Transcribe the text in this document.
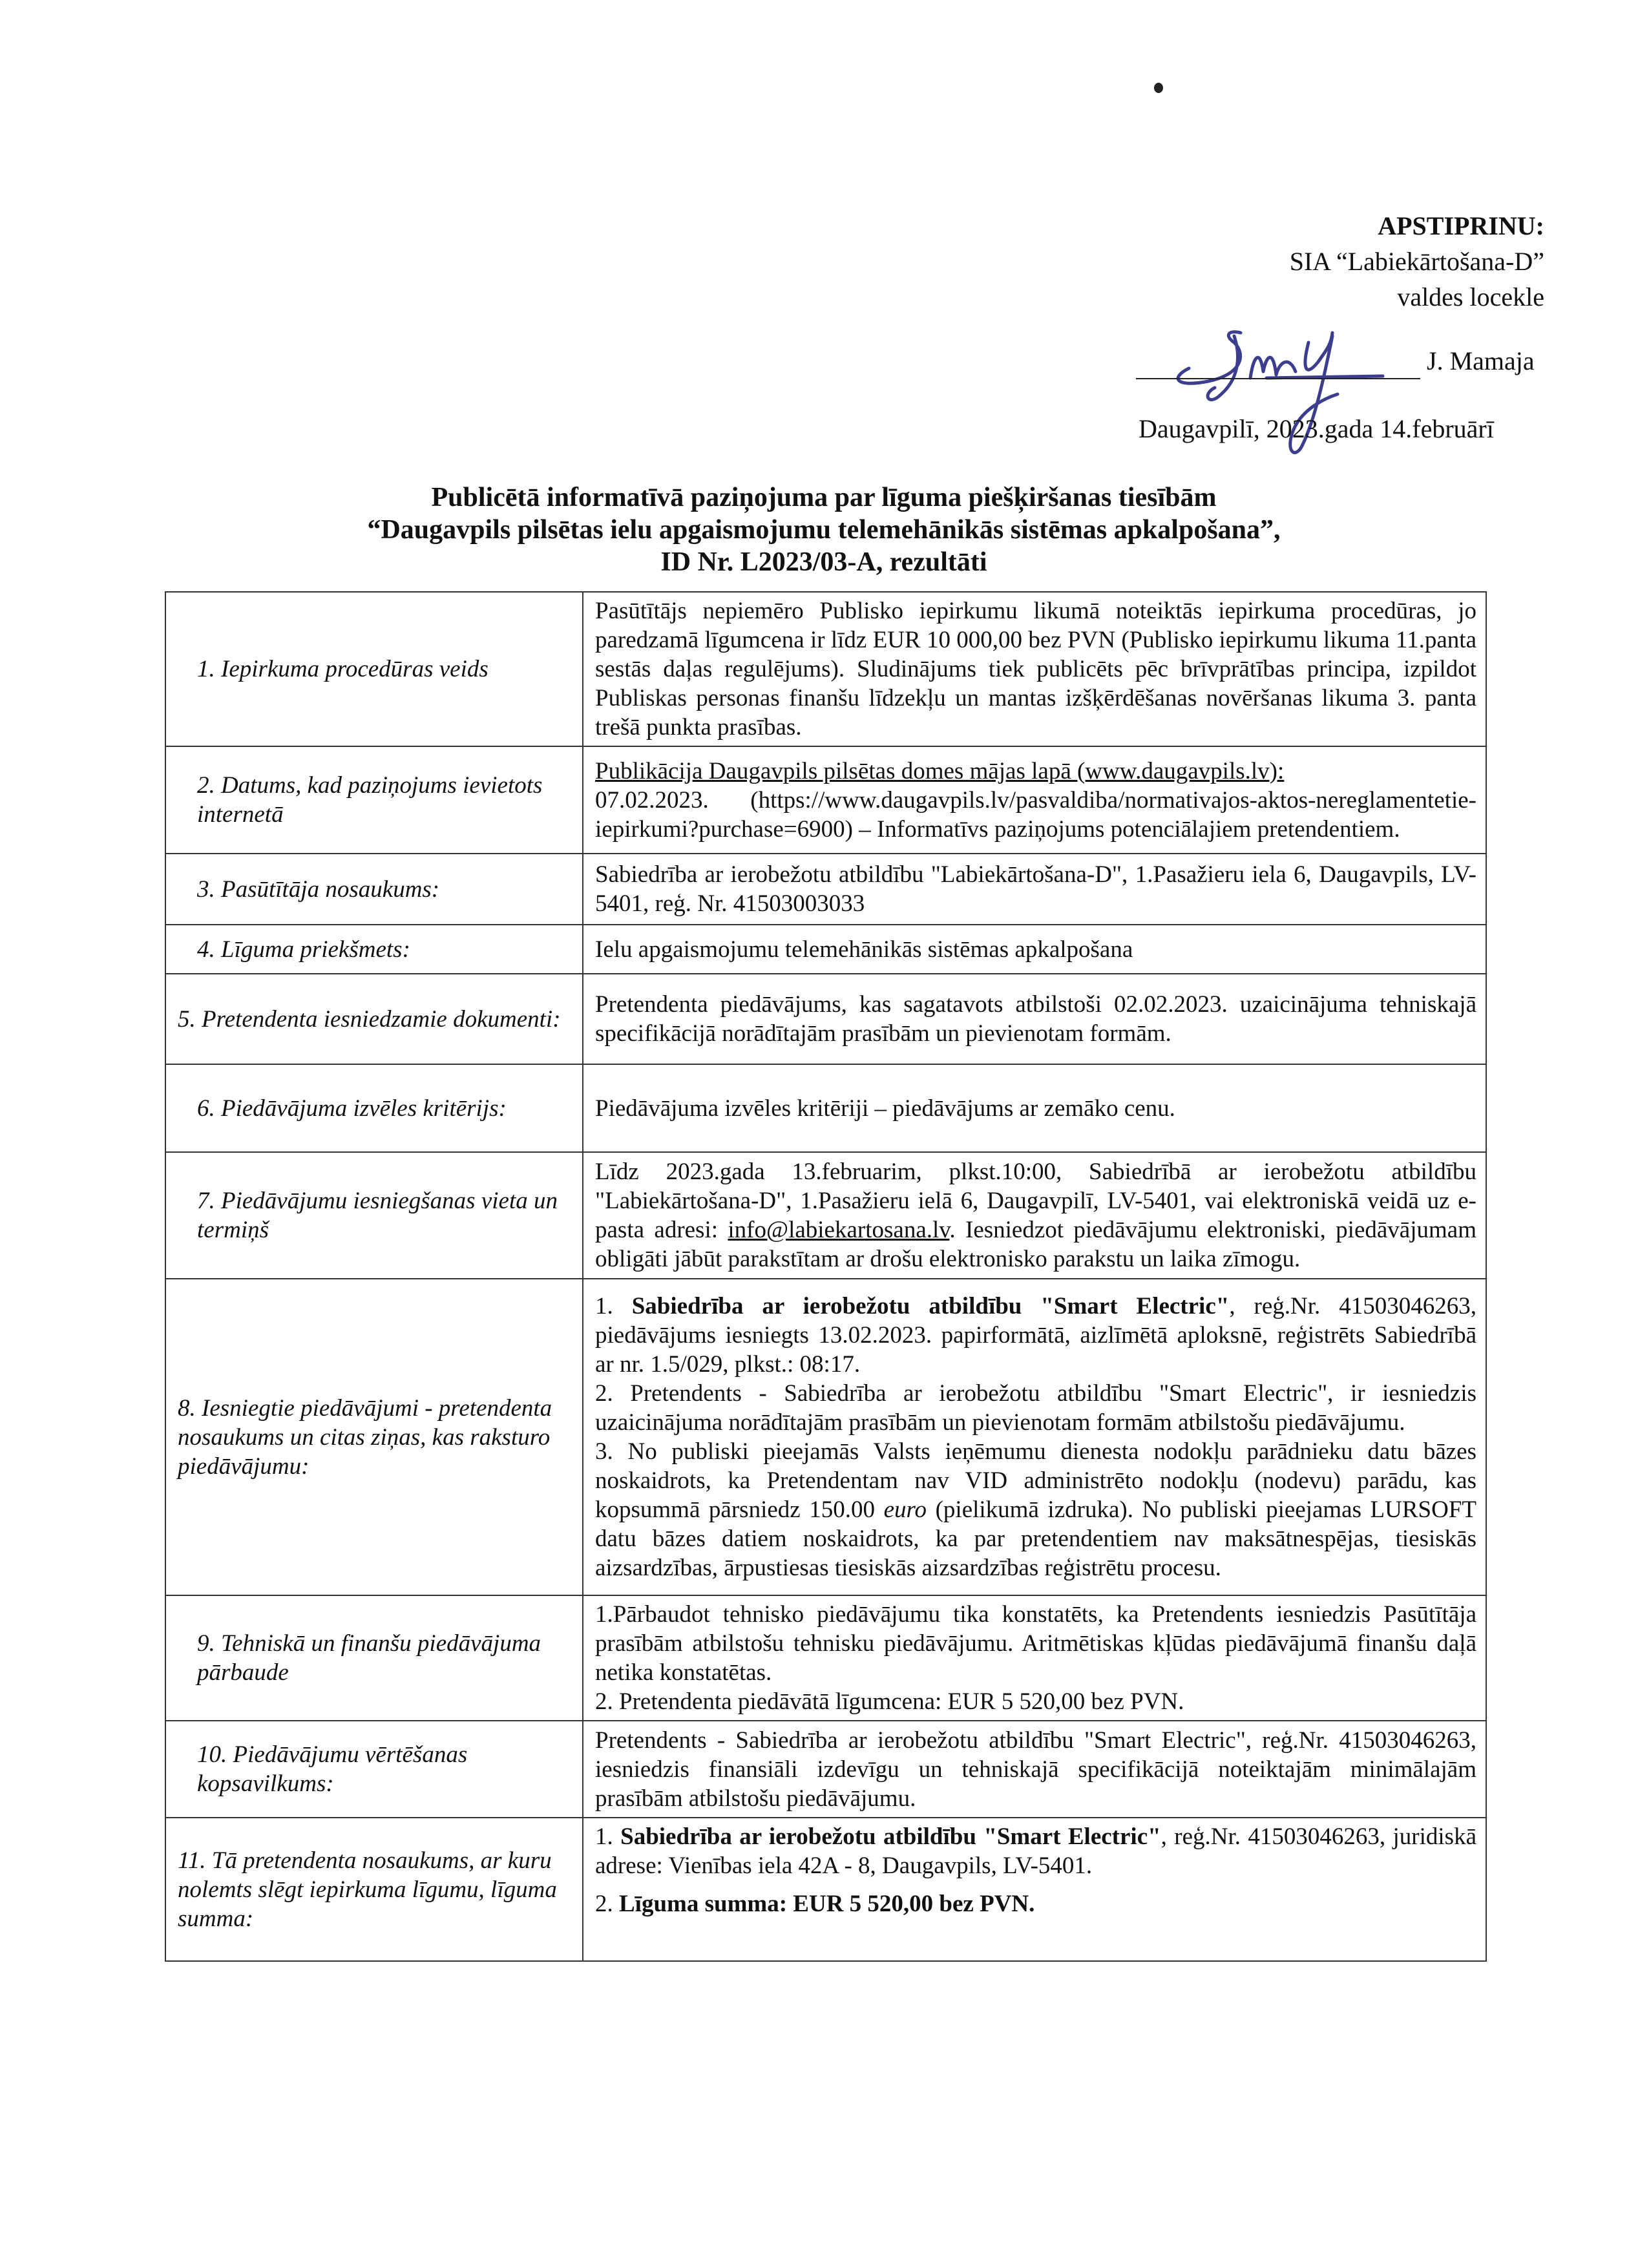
APSTIPRINU:
SIA “Labiekārtošana-D”
valdes locekle
J. Mamaja
Daugavpilī, 2023.gada 14.februārī
Publicētā informatīvā paziņojuma par līguma piešķiršanas tiesībām
“Daugavpils pilsētas ielu apgaismojumu telemehānikās sistēmas apkalpošana”,
ID Nr. L2023/03-A, rezultāti
1. Iepirkuma procedūras veids	Pasūtītājs nepiemēro Publisko iepirkumu likumā noteiktās iepirkuma procedūras, jo paredzamā līgumcena ir līdz EUR 10 000,00 bez PVN (Publisko iepirkumu likuma 11.panta sestās daļas regulējums). Sludinājums tiek publicēts pēc brīvprātības principa, izpildot Publiskas personas finanšu līdzekļu un mantas izšķērdēšanas novēršanas likuma 3. panta trešā punkta prasības.
2. Datums, kad paziņojums ievietots internetā	Publikācija Daugavpils pilsētas domes mājas lapā (www.daugavpils.lv):
07.02.2023. (https://www.daugavpils.lv/pasvaldiba/normativajos-aktos-nereglamentetie-iepirkumi?purchase=6900) – Informatīvs paziņojums potenciālajiem pretendentiem.

3. Pasūtītāja nosaukums:	Sabiedrība ar ierobežotu atbildību "Labiekārtošana-D", 1.Pasažieru iela 6, Daugavpils, LV-5401, reģ. Nr. 41503003033
4. Līguma priekšmets:	Ielu apgaismojumu telemehānikās sistēmas apkalpošana
5. Pretendenta iesniedzamie dokumenti:	Pretendenta piedāvājums, kas sagatavots atbilstoši 02.02.2023. uzaicinājuma tehniskajā specifikācijā norādītajām prasībām un pievienotam formām.
6. Piedāvājuma izvēles kritērijs:	Piedāvājuma izvēles kritēriji – piedāvājums ar zemāko cenu.
7. Piedāvājumu iesniegšanas vieta un termiņš	Līdz 2023.gada 13.februarim, plkst.10:00, Sabiedrībā ar ierobežotu atbildību "Labiekārtošana-D", 1.Pasažieru ielā 6, Daugavpilī, LV-5401, vai elektroniskā veidā uz e-pasta adresi: info@labiekartosana.lv. Iesniedzot piedāvājumu elektroniski, piedāvājumam obligāti jābūt parakstītam ar drošu elektronisko parakstu un laika zīmogu.
8. Iesniegtie piedāvājumi - pretendenta nosaukums un citas ziņas, kas raksturo piedāvājumu:	1. Sabiedrība ar ierobežotu atbildību "Smart Electric", reģ.Nr. 41503046263, piedāvājums iesniegts 13.02.2023. papirformātā, aizlīmētā aploksnē, reģistrēts Sabiedrībā ar nr. 1.5/029, plkst.: 08:17.
2. Pretendents - Sabiedrība ar ierobežotu atbildību "Smart Electric", ir iesniedzis uzaicinājuma norādītajām prasībām un pievienotam formām atbilstošu piedāvājumu.
3. No publiski pieejamās Valsts ieņēmumu dienesta nodokļu parādnieku datu bāzes noskaidrots, ka Pretendentam nav VID administrēto nodokļu (nodevu) parādu, kas kopsummā pārsniedz 150.00 euro (pielikumā izdruka). No publiski pieejamas LURSOFT datu bāzes datiem noskaidrots, ka par pretendentiem nav maksātnespējas, tiesiskās aizsardzības, ārpustiesas tiesiskās aizsardzības reģistrētu procesu.

9. Tehniskā un finanšu piedāvājuma pārbaude	1.Pārbaudot tehnisko piedāvājumu tika konstatēts, ka Pretendents iesniedzis Pasūtītāja prasībām atbilstošu tehnisku piedāvājumu. Aritmētiskas kļūdas piedāvājumā finanšu daļā netika konstatētas.
2. Pretendenta piedāvātā līgumcena: EUR 5 520,00 bez PVN.

10. Piedāvājumu vērtēšanas kopsavilkums:	Pretendents - Sabiedrība ar ierobežotu atbildību "Smart Electric", reģ.Nr. 41503046263, iesniedzis finansiāli izdevīgu un tehniskajā specifikācijā noteiktajām minimālajām prasībām atbilstošu piedāvājumu.
11. Tā pretendenta nosaukums, ar kuru nolemts slēgt iepirkuma līgumu, līguma summa:	1. Sabiedrība ar ierobežotu atbildību "Smart Electric", reģ.Nr. 41503046263, juridiskā adrese: Vienības iela 42A - 8, Daugavpils, LV-5401.
2. Līguma summa: EUR 5 520,00 bez PVN.
